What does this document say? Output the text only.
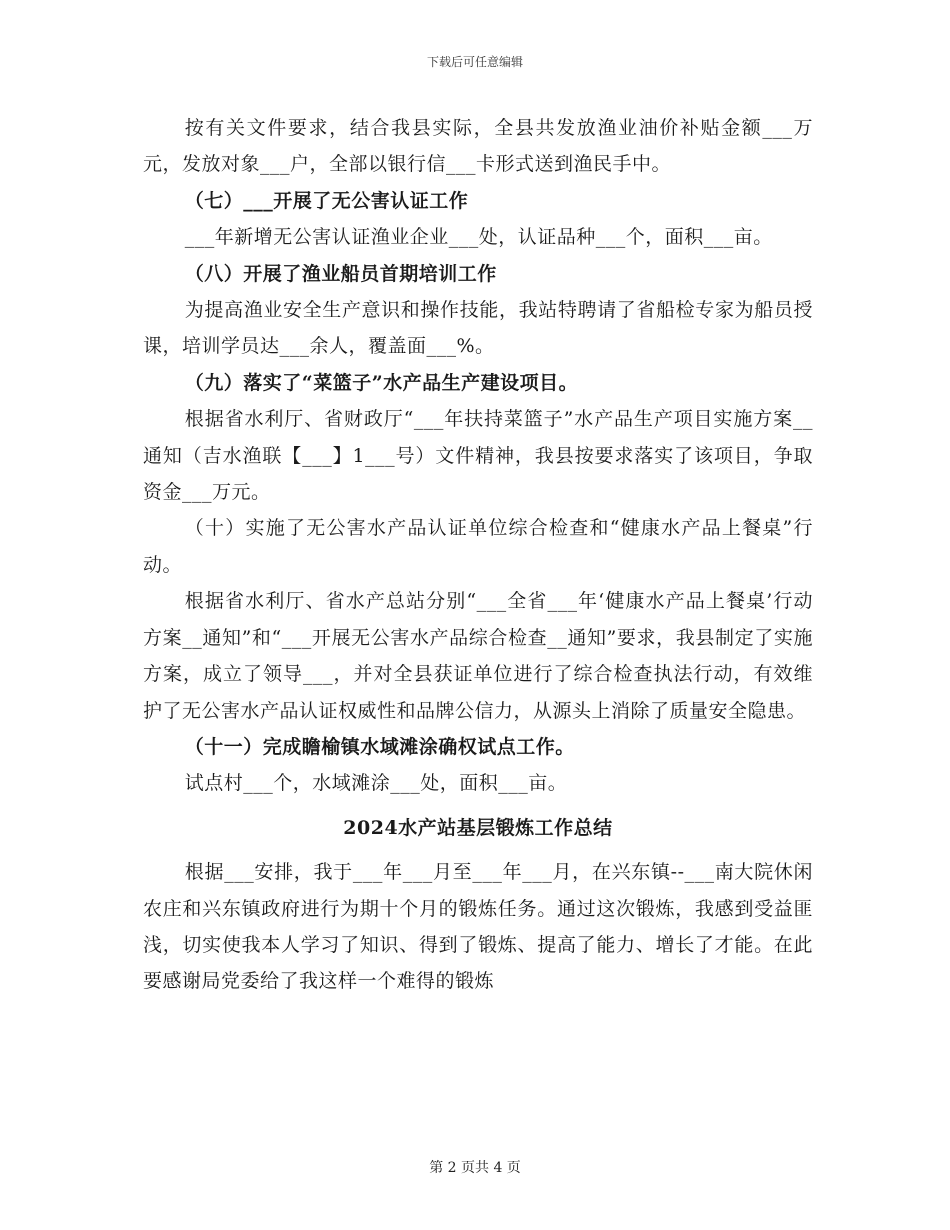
下载后可任意编辑

按有关文件要求，结合我县实际，全县共发放渔业油价补贴金额___万元，发放对象___户，全部以银行信___卡形式送到渔民手中。

（七）___开展了无公害认证工作

___年新增无公害认证渔业企业___处，认证品种___个，面积___亩。

（八）开展了渔业船员首期培训工作

为提高渔业安全生产意识和操作技能，我站特聘请了省船检专家为船员授课，培训学员达___余人，覆盖面___%。

（九）落实了“菜篮子”水产品生产建设项目。

根据省水利厅、省财政厅“___年扶持菜篮子”水产品生产项目实施方案__通知（吉水渔联【___】1___号）文件精神，我县按要求落实了该项目，争取资金___万元。

（十）实施了无公害水产品认证单位综合检查和“健康水产品上餐桌”行动。

根据省水利厅、省水产总站分别“___全省___年‘健康水产品上餐桌’行动方案__通知”和“___开展无公害水产品综合检查__通知”要求，我县制定了实施方案，成立了领导___，并对全县获证单位进行了综合检查执法行动，有效维护了无公害水产品认证权威性和品牌公信力，从源头上消除了质量安全隐患。

（十一）完成瞻榆镇水域滩涂确权试点工作。

试点村___个，水域滩涂___处，面积___亩。

2024水产站基层锻炼工作总结

根据___安排，我于___年___月至___年___月，在兴东镇--___南大院休闲农庄和兴东镇政府进行为期十个月的锻炼任务。通过这次锻炼，我感到受益匪浅，切实使我本人学习了知识、得到了锻炼、提高了能力、增长了才能。在此要感谢局党委给了我这样一个难得的锻炼

第 2 页共 4 页
